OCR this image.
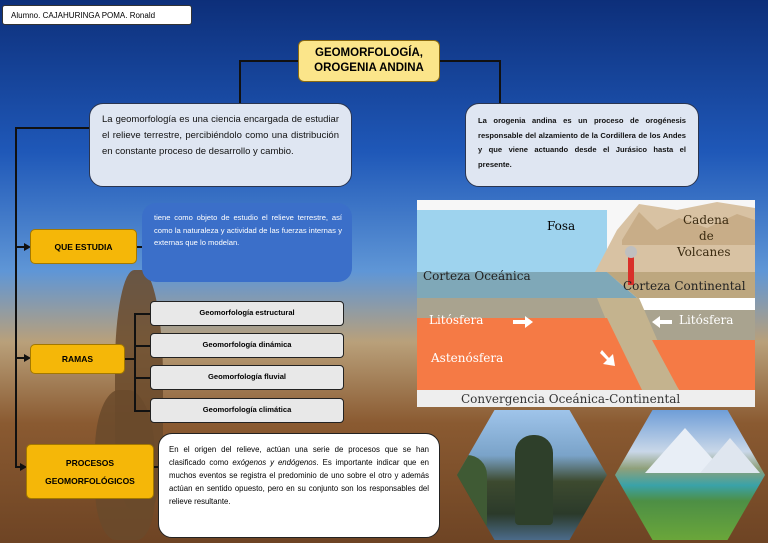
Alumno. CAJAHURINGA POMA. Ronald
GEOMORFOLOGÍA,
OROGENIA ANDINA
La geomorfología es una ciencia encargada de estudiar el relieve terrestre, percibiéndolo como una distribución en constante proceso de desarrollo y cambio.
La orogenia andina es un proceso de orogénesis responsable del alzamiento de la Cordillera de los Andes y que viene actuando desde el Jurásico hasta el presente.
QUE ESTUDIA
tiene como objeto de estudio el relieve terrestre, así como la naturaleza y actividad de las fuerzas internas y externas que lo modelan.
RAMAS
Geomorfología estructural
Geomorfología dinámica
Geomorfología fluvial
Geomorfología climática
PROCESOS
GEOMORFOLÓGICOS
En el origen del relieve, actúan una serie de procesos que se han clasificado como exógenos y endógenos. Es importante indicar que en muchos eventos se registra el predominio de uno sobre el otro y además actúan en sentido opuesto, pero en su conjunto son los responsables del relieve resultante.
Fosa	Cadena
de
Volcanes
Corteza Oceánica
Corteza Continental
Litósfera	Litósfera
Astenósfera
Convergencia Oceánica-Continental
